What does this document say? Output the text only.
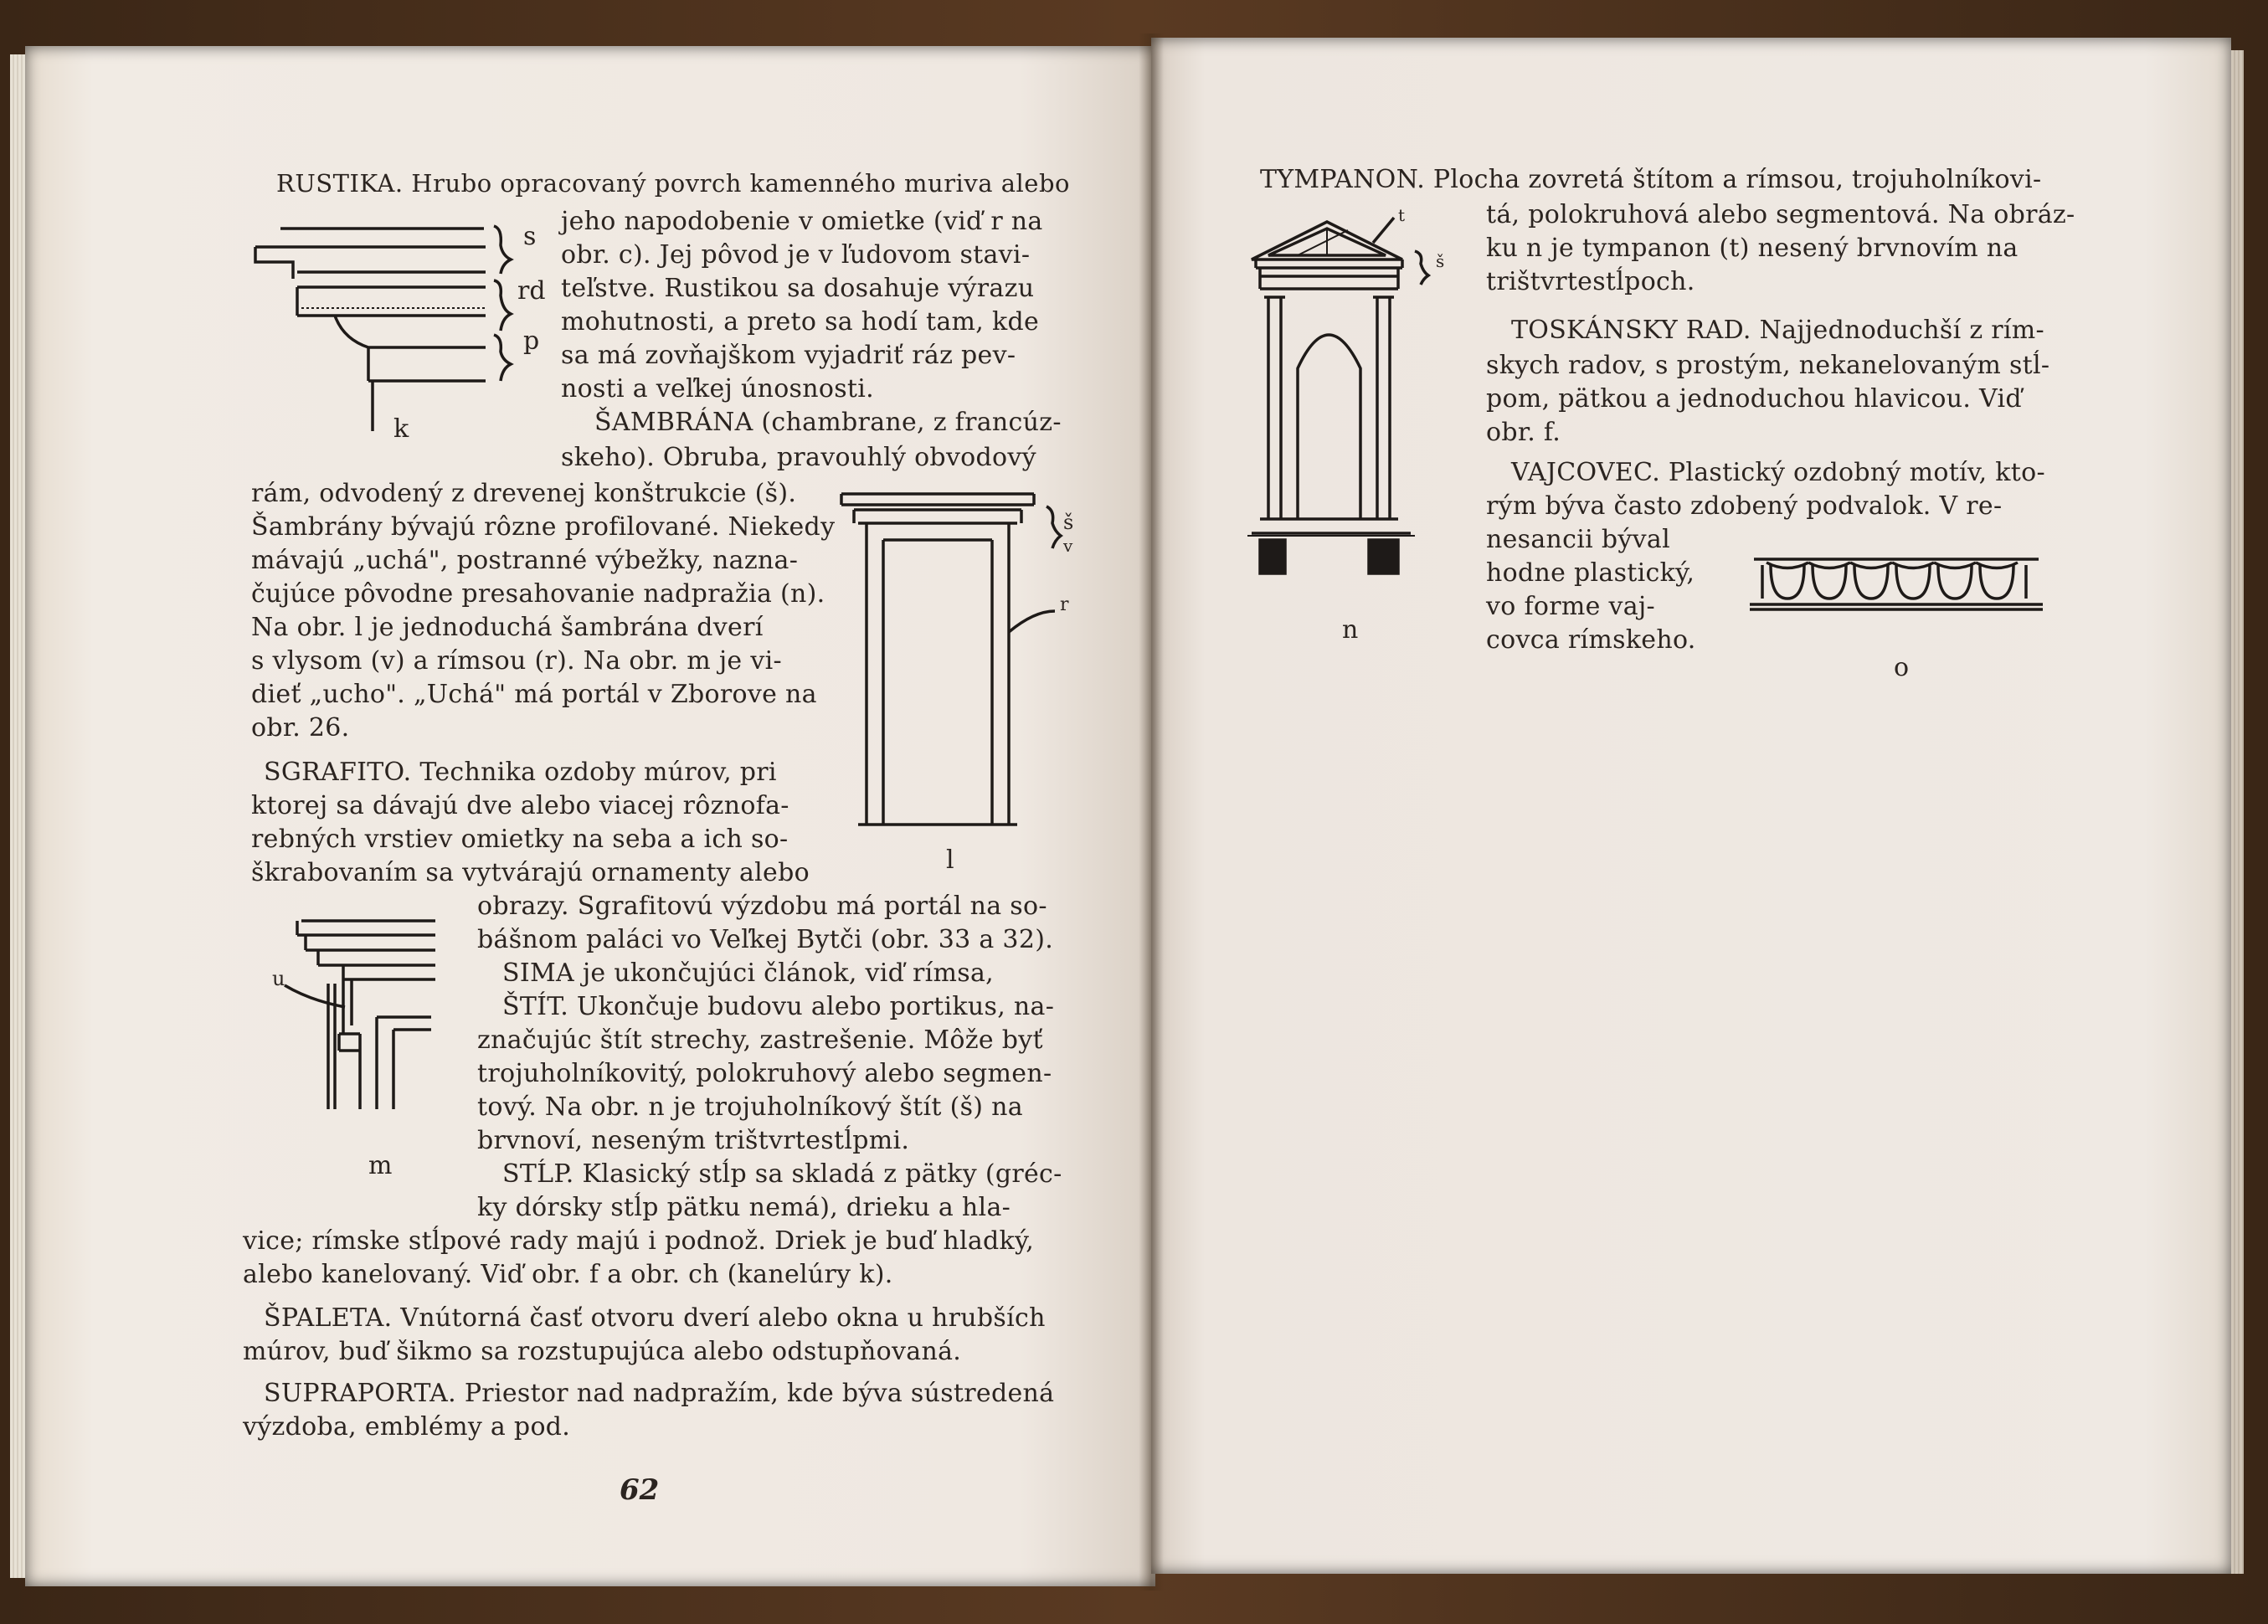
RUSTIKA. Hrubo opracovaný povrch kamenného muriva alebo
jeho napodobenie v omietke (viď r na
obr. c). Jej pôvod je v ľudovom stavi-
teľstve. Rustikou sa dosahuje výrazu
mohutnosti, a preto sa hodí tam, kde
sa má zovňajškom vyjadriť ráz pev-
nosti a veľkej únosnosti.
s
rd
p
k	ŠAMBRÁNA (chambrane, z francúz-
skeho). Obruba, pravouhlý obvodový
rám, odvodený z drevenej konštrukcie (š).
Šambrány bývajú rôzne profilované. Niekedy
mávajú „uchá", postranné výbežky, nazna-
čujúce pôvodne presahovanie nadpražia (n).
Na obr. l je jednoduchá šambrána dverí
s vlysom (v) a rímsou (r). Na obr. m je vi-
dieť „ucho". „Uchá" má portál v Zborove na
obr. 26.
š
v
r
l
SGRAFITO. Technika ozdoby múrov, pri
ktorej sa dávajú dve alebo viacej rôznofa-
rebných vrstiev omietky na seba a ich so-
škrabovaním sa vytvárajú ornamenty alebo
obrazy. Sgrafitovú výzdobu má portál na so-
bášnom paláci vo Veľkej Bytči (obr. 33 a 32).
u
m
SIMA je ukončujúci článok, viď rímsa,
ŠTÍT. Ukončuje budovu alebo portikus, na-
značujúc štít strechy, zastrešenie. Môže byť
trojuholníkovitý, polokruhový alebo segmen-
tový. Na obr. n je trojuholníkový štít (š) na
brvnoví, neseným trištvrtestĺpmi.
STĹP. Klasický stĺp sa skladá z pätky (gréc-
ky dórsky stĺp pätku nemá), drieku a hla-
vice; rímske stĺpové rady majú i podnož. Driek je buď hladký,
alebo kanelovaný. Viď obr. f a obr. ch (kanelúry k).
ŠPALETA. Vnútorná časť otvoru dverí alebo okna u hrubších
múrov, buď šikmo sa rozstupujúca alebo odstupňovaná.
SUPRAPORTA. Priestor nad nadpražím, kde býva sústredená
výzdoba, emblémy a pod.
62
TYMPANON. Plocha zovretá štítom a rímsou, trojuholníkovi-
tá, polokruhová alebo segmentová. Na obráz-
ku n je tympanon (t) nesený brvnovím na
trištvrtestĺpoch.
t
š
n
TOSKÁNSKY RAD. Najjednoduchší z rím-
skych radov, s prostým, nekanelovaným stĺ-
pom, pätkou a jednoduchou hlavicou. Viď
obr. f.
VAJCOVEC. Plastický ozdobný motív, kto-
rým býva často zdobený podvalok. V re-
nesancii býval
hodne plastický,
vo forme vaj-
covca rímskeho.
o
